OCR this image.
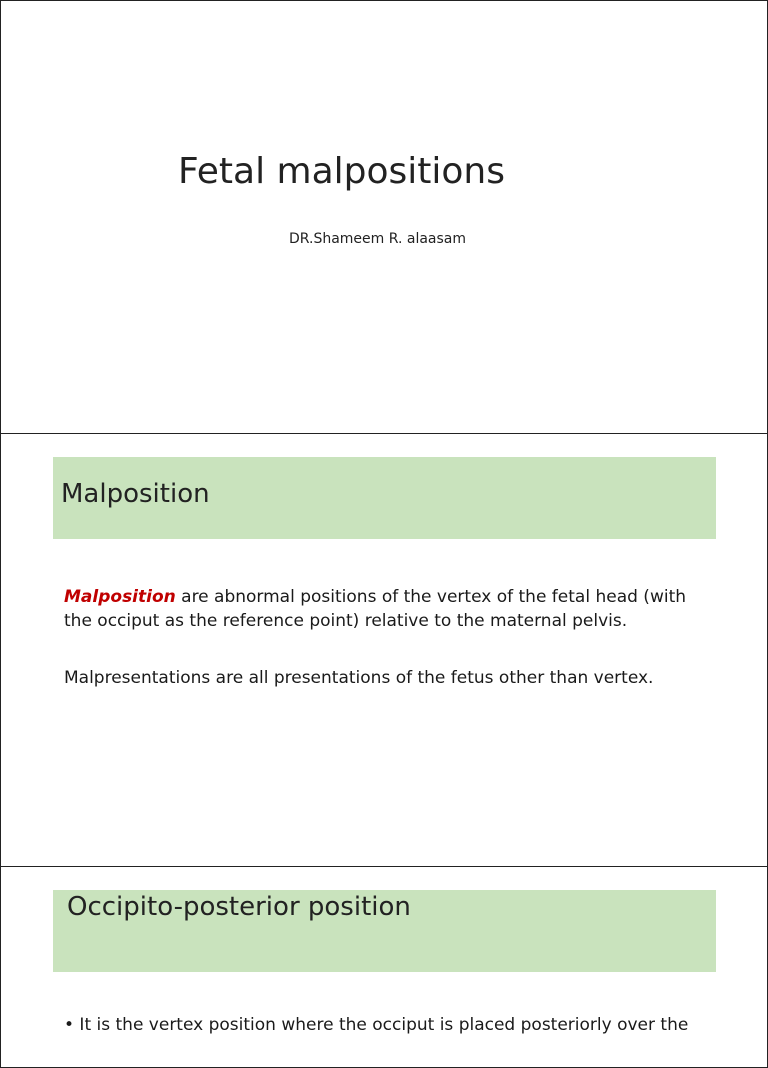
Fetal malpositions
DR.Shameem R. alaasam
Malposition
Malposition are abnormal positions of the vertex of the fetal head (with the occiput as the reference point) relative to the maternal pelvis.
Malpresentations are all presentations of the fetus other than vertex.
Occipito-posterior position
• It is the vertex position where the occiput is placed posteriorly over the
